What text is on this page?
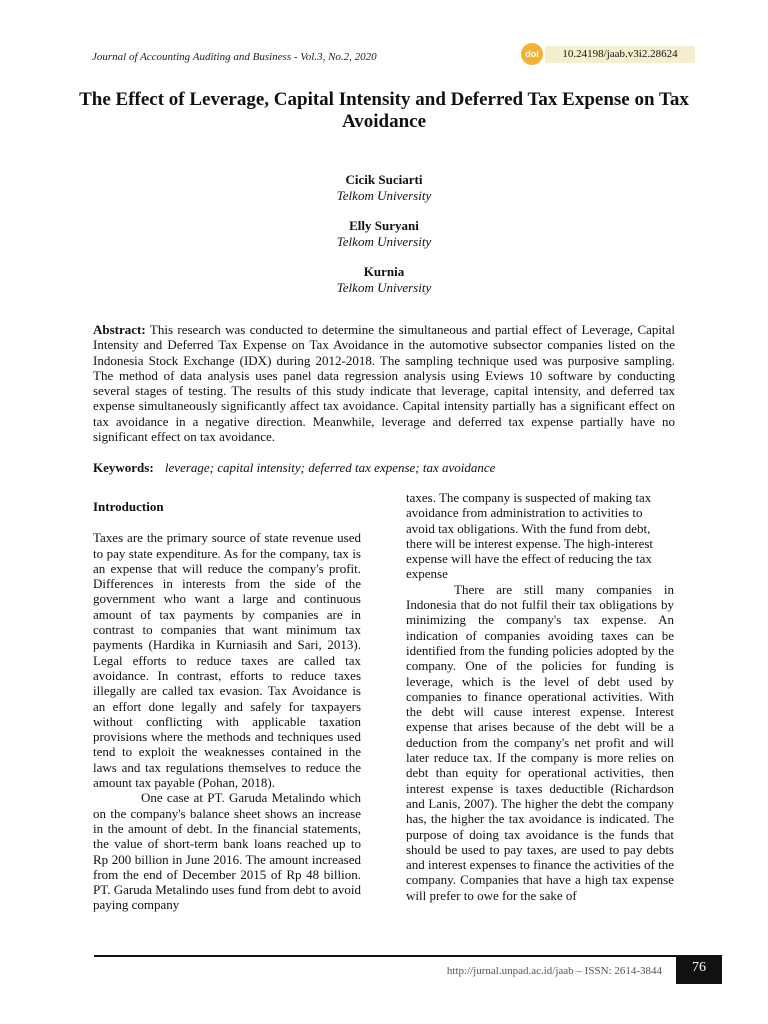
Journal of Accounting Auditing and Business - Vol.3, No.2, 2020	doi	10.24198/jaab.v3i2.28624
The Effect of Leverage, Capital Intensity and Deferred Tax Expense on Tax Avoidance
Cicik Suciarti
Telkom University
Elly Suryani
Telkom University
Kurnia
Telkom University
Abstract: This research was conducted to determine the simultaneous and partial effect of Leverage, Capital Intensity and Deferred Tax Expense on Tax Avoidance in the automotive subsector companies listed on the Indonesia Stock Exchange (IDX) during 2012-2018. The sampling technique used was purposive sampling. The method of data analysis uses panel data regression analysis using Eviews 10 software by conducting several stages of testing. The results of this study indicate that leverage, capital intensity, and deferred tax expense simultaneously significantly affect tax avoidance. Capital intensity partially has a significant effect on tax avoidance in a negative direction. Meanwhile, leverage and deferred tax expense partially have no significant effect on tax avoidance.
Keywords: leverage; capital intensity; deferred tax expense; tax avoidance

Introduction

Taxes are the primary source of state revenue used to pay state expenditure. As for the company, tax is an expense that will reduce the company's profit. Differences in interests from the side of the government who want a large and continuous amount of tax payments by companies are in contrast to companies that want minimum tax payments (Hardika in Kurniasih and Sari, 2013). Legal efforts to reduce taxes are called tax avoidance. In contrast, efforts to reduce taxes illegally are called tax evasion. Tax Avoidance is an effort done legally and safely for taxpayers without conflicting with applicable taxation provisions where the methods and techniques used tend to exploit the weaknesses contained in the laws and tax regulations themselves to reduce the amount tax payable (Pohan, 2018).

One case at PT. Garuda Metalindo which on the company's balance sheet shows an increase in the amount of debt. In the financial statements, the value of short-term bank loans reached up to Rp 200 billion in June 2016. The amount increased from the end of December 2015 of Rp 48 billion. PT. Garuda Metalindo uses fund from debt to avoid paying company

taxes. The company is suspected of making tax avoidance from administration to activities to avoid tax obligations. With the fund from debt, there will be interest expense. The high-interest expense will have the effect of reducing the tax expense

There are still many companies in Indonesia that do not fulfil their tax obligations by minimizing the company's tax expense. An indication of companies avoiding taxes can be identified from the funding policies adopted by the company. One of the policies for funding is leverage, which is the level of debt used by companies to finance operational activities. With the debt will cause interest expense. Interest expense that arises because of the debt will be a deduction from the company's net profit and will later reduce tax. If the company is more relies on debt than equity for operational activities, then interest expense is taxes deductible (Richardson and Lanis, 2007). The higher the debt the company has, the higher the tax avoidance is indicated. The purpose of doing tax avoidance is the funds that should be used to pay taxes, are used to pay debts and interest expenses to finance the activities of the company. Companies that have a high tax expense will prefer to owe for the sake of

http://jurnal.unpad.ac.id/jaab – ISSN: 2614-3844	76
